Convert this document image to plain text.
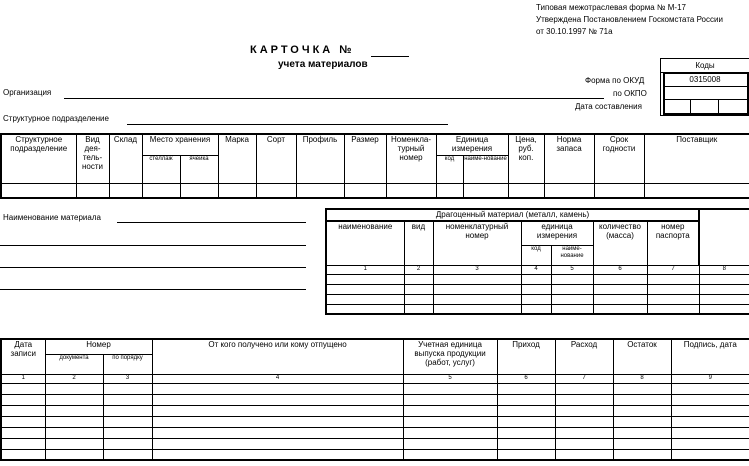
Типовая межотраслевая форма № М-17
Утверждена Постановлением Госкомстата России
от 30.10.1997 № 71а
КАРТОЧКА №
учета материалов	Коды
0315008
Форма по ОКУД
по ОКПО
Дата составления
Организация
Структурное подразделение
Структурное подразделение	Вид дея-тель-ности	Склад	Место хранения		Марка	Сорт	Профиль	Размер	Номенкла-турный номер	Единица измерения		Цена, руб. коп.	Норма запаса	Срок годности	Поставщик
			стеллаж	ячейка						код	наиме-нование				

Наименование материала	Драгоценный материал (металл, камень)							
наименование	вид	номенклатурный номер	единица измерения		количество (масса)	номер паспорта	
			код	наиме-нование			
1	2	3	4	5	6	7	8

Дата записи	Номер		От кого получено или кому отпущено	Учетная единица выпуска продукции (работ, услуг)	Приход	Расход	Остаток	Подпись, дата
	документа	по порядку						
1	2	3	4	5	6	7	8	9
